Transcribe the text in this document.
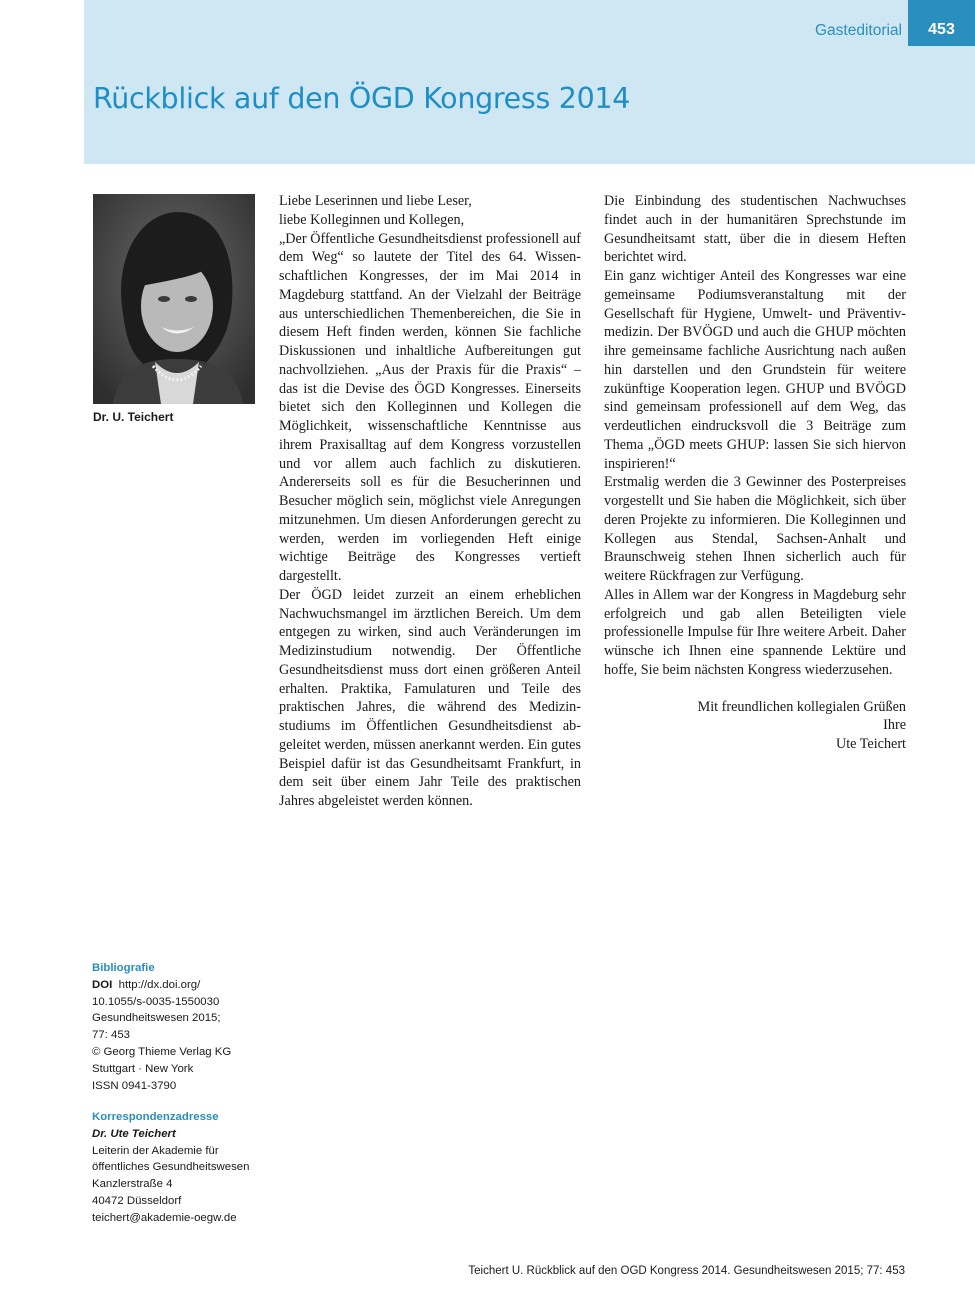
Gasteditorial	453
Rückblick auf den ÖGD Kongress 2014
Dr. U. Teichert

Liebe Leserinnen und liebe Leser,

liebe Kolleginnen und Kollegen,

„Der Öffentliche Gesundheitsdienst professionell auf dem Weg“ so lautete der Titel des 64. Wissenschaftlichen Kongresses, der im Mai 2014 in Magdeburg stattfand. An der Vielzahl der Beiträge aus unterschiedlichen Themenbereichen, die Sie in diesem Heft finden werden, können Sie fachliche Diskussionen und inhaltliche Aufbereitungen gut nachvollziehen. „Aus der Praxis für die Praxis“ – das ist die Devise des ÖGD Kongresses. Einerseits bietet sich den Kolleginnen und Kollegen die Möglichkeit, wissenschaftliche Kenntnisse aus ihrem Praxisalltag auf dem Kongress vorzustellen und vor allem auch fachlich zu diskutieren. Andererseits soll es für die Besucherinnen und Besucher möglich sein, möglichst viele Anregungen mitzunehmen. Um diesen Anforderungen gerecht zu werden, werden im vorliegenden Heft einige wichtige Beiträge des Kongresses vertieft dargestellt.

Der ÖGD leidet zurzeit an einem erheblichen Nachwuchsmangel im ärztlichen Bereich. Um dem entgegen zu wirken, sind auch Veränderungen im Medizinstudium notwendig. Der Öffentliche Gesundheitsdienst muss dort einen größeren Anteil erhalten. Praktika, Famulaturen und Teile des praktischen Jahres, die während des Medizinstudiums im Öffentlichen Gesundheitsdienst abgeleitet werden, müssen anerkannt werden. Ein gutes Beispiel dafür ist das Gesundheitsamt Frankfurt, in dem seit über einem Jahr Teile des praktischen Jahres abgeleistet werden können.

Die Einbindung des studentischen Nachwuchses findet auch in der humanitären Sprechstunde im Gesundheitsamt statt, über die in diesem Heften berichtet wird.

Ein ganz wichtiger Anteil des Kongresses war eine gemeinsame Podiumsveranstaltung mit der Gesellschaft für Hygiene, Umwelt- und Präventivmedizin. Der BVÖGD und auch die GHUP möchten ihre gemeinsame fachliche Ausrichtung nach außen hin darstellen und den Grundstein für weitere zukünftige Kooperation legen. GHUP und BVÖGD sind gemeinsam professionell auf dem Weg, das verdeutlichen eindrucksvoll die 3 Beiträge zum Thema „ÖGD meets GHUP: lassen Sie sich hiervon inspirieren!“

Erstmalig werden die 3 Gewinner des Posterpreises vorgestellt und Sie haben die Möglichkeit, sich über deren Projekte zu informieren. Die Kolleginnen und Kollegen aus Stendal, Sachsen-Anhalt und Braunschweig stehen Ihnen sicherlich auch für weitere Rückfragen zur Verfügung.

Alles in Allem war der Kongress in Magdeburg sehr erfolgreich und gab allen Beteiligten viele professionelle Impulse für Ihre weitere Arbeit. Daher wünsche ich Ihnen eine spannende Lektüre und hoffe, Sie beim nächsten Kongress wiederzusehen.

Mit freundlichen kollegialen Grüßen
Ihre
Ute Teichert

Bibliografie
DOI http://dx.doi.org/
10.1055/s-0035-1550030
Gesundheitswesen 2015;
77: 453
© Georg Thieme Verlag KG
Stuttgart · New York
ISSN 0941-3790
Korrespondenzadresse
Dr. Ute Teichert
Leiterin der Akademie für
öffentliches Gesundheitswesen
Kanzlerstraße 4
40472 Düsseldorf
teichert@akademie-oegw.de
Teichert U. Rückblick auf den OGD Kongress 2014. Gesundheitswesen 2015; 77: 453
